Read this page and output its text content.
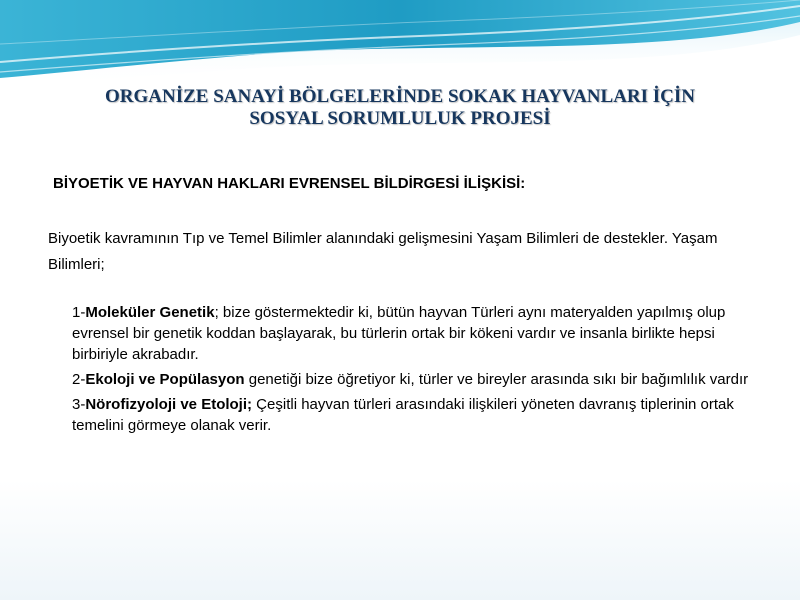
ORGANİZE SANAYİ BÖLGELERİNDE SOKAK HAYVANLARI İÇİN
SOSYAL SORUMLULUK PROJESİ
BİYOETİK VE HAYVAN HAKLARI EVRENSEL BİLDİRGESİ İLİŞKİSİ:
Biyoetik kavramının Tıp ve Temel Bilimler alanındaki gelişmesini Yaşam Bilimleri de destekler. Yaşam Bilimleri;
1-Moleküler Genetik; bize göstermektedir ki, bütün hayvan Türleri aynı materyalden yapılmış olup evrensel bir genetik koddan başlayarak, bu türlerin ortak bir kökeni vardır ve insanla birlikte hepsi birbiriyle akrabadır.
2-Ekoloji ve Popülasyon genetiği bize öğretiyor ki, türler ve bireyler arasında sıkı bir bağımlılık vardır
3-Nörofizyoloji ve Etoloji; Çeşitli hayvan türleri arasındaki ilişkileri yöneten davranış tiplerinin ortak temelini görmeye olanak verir.
